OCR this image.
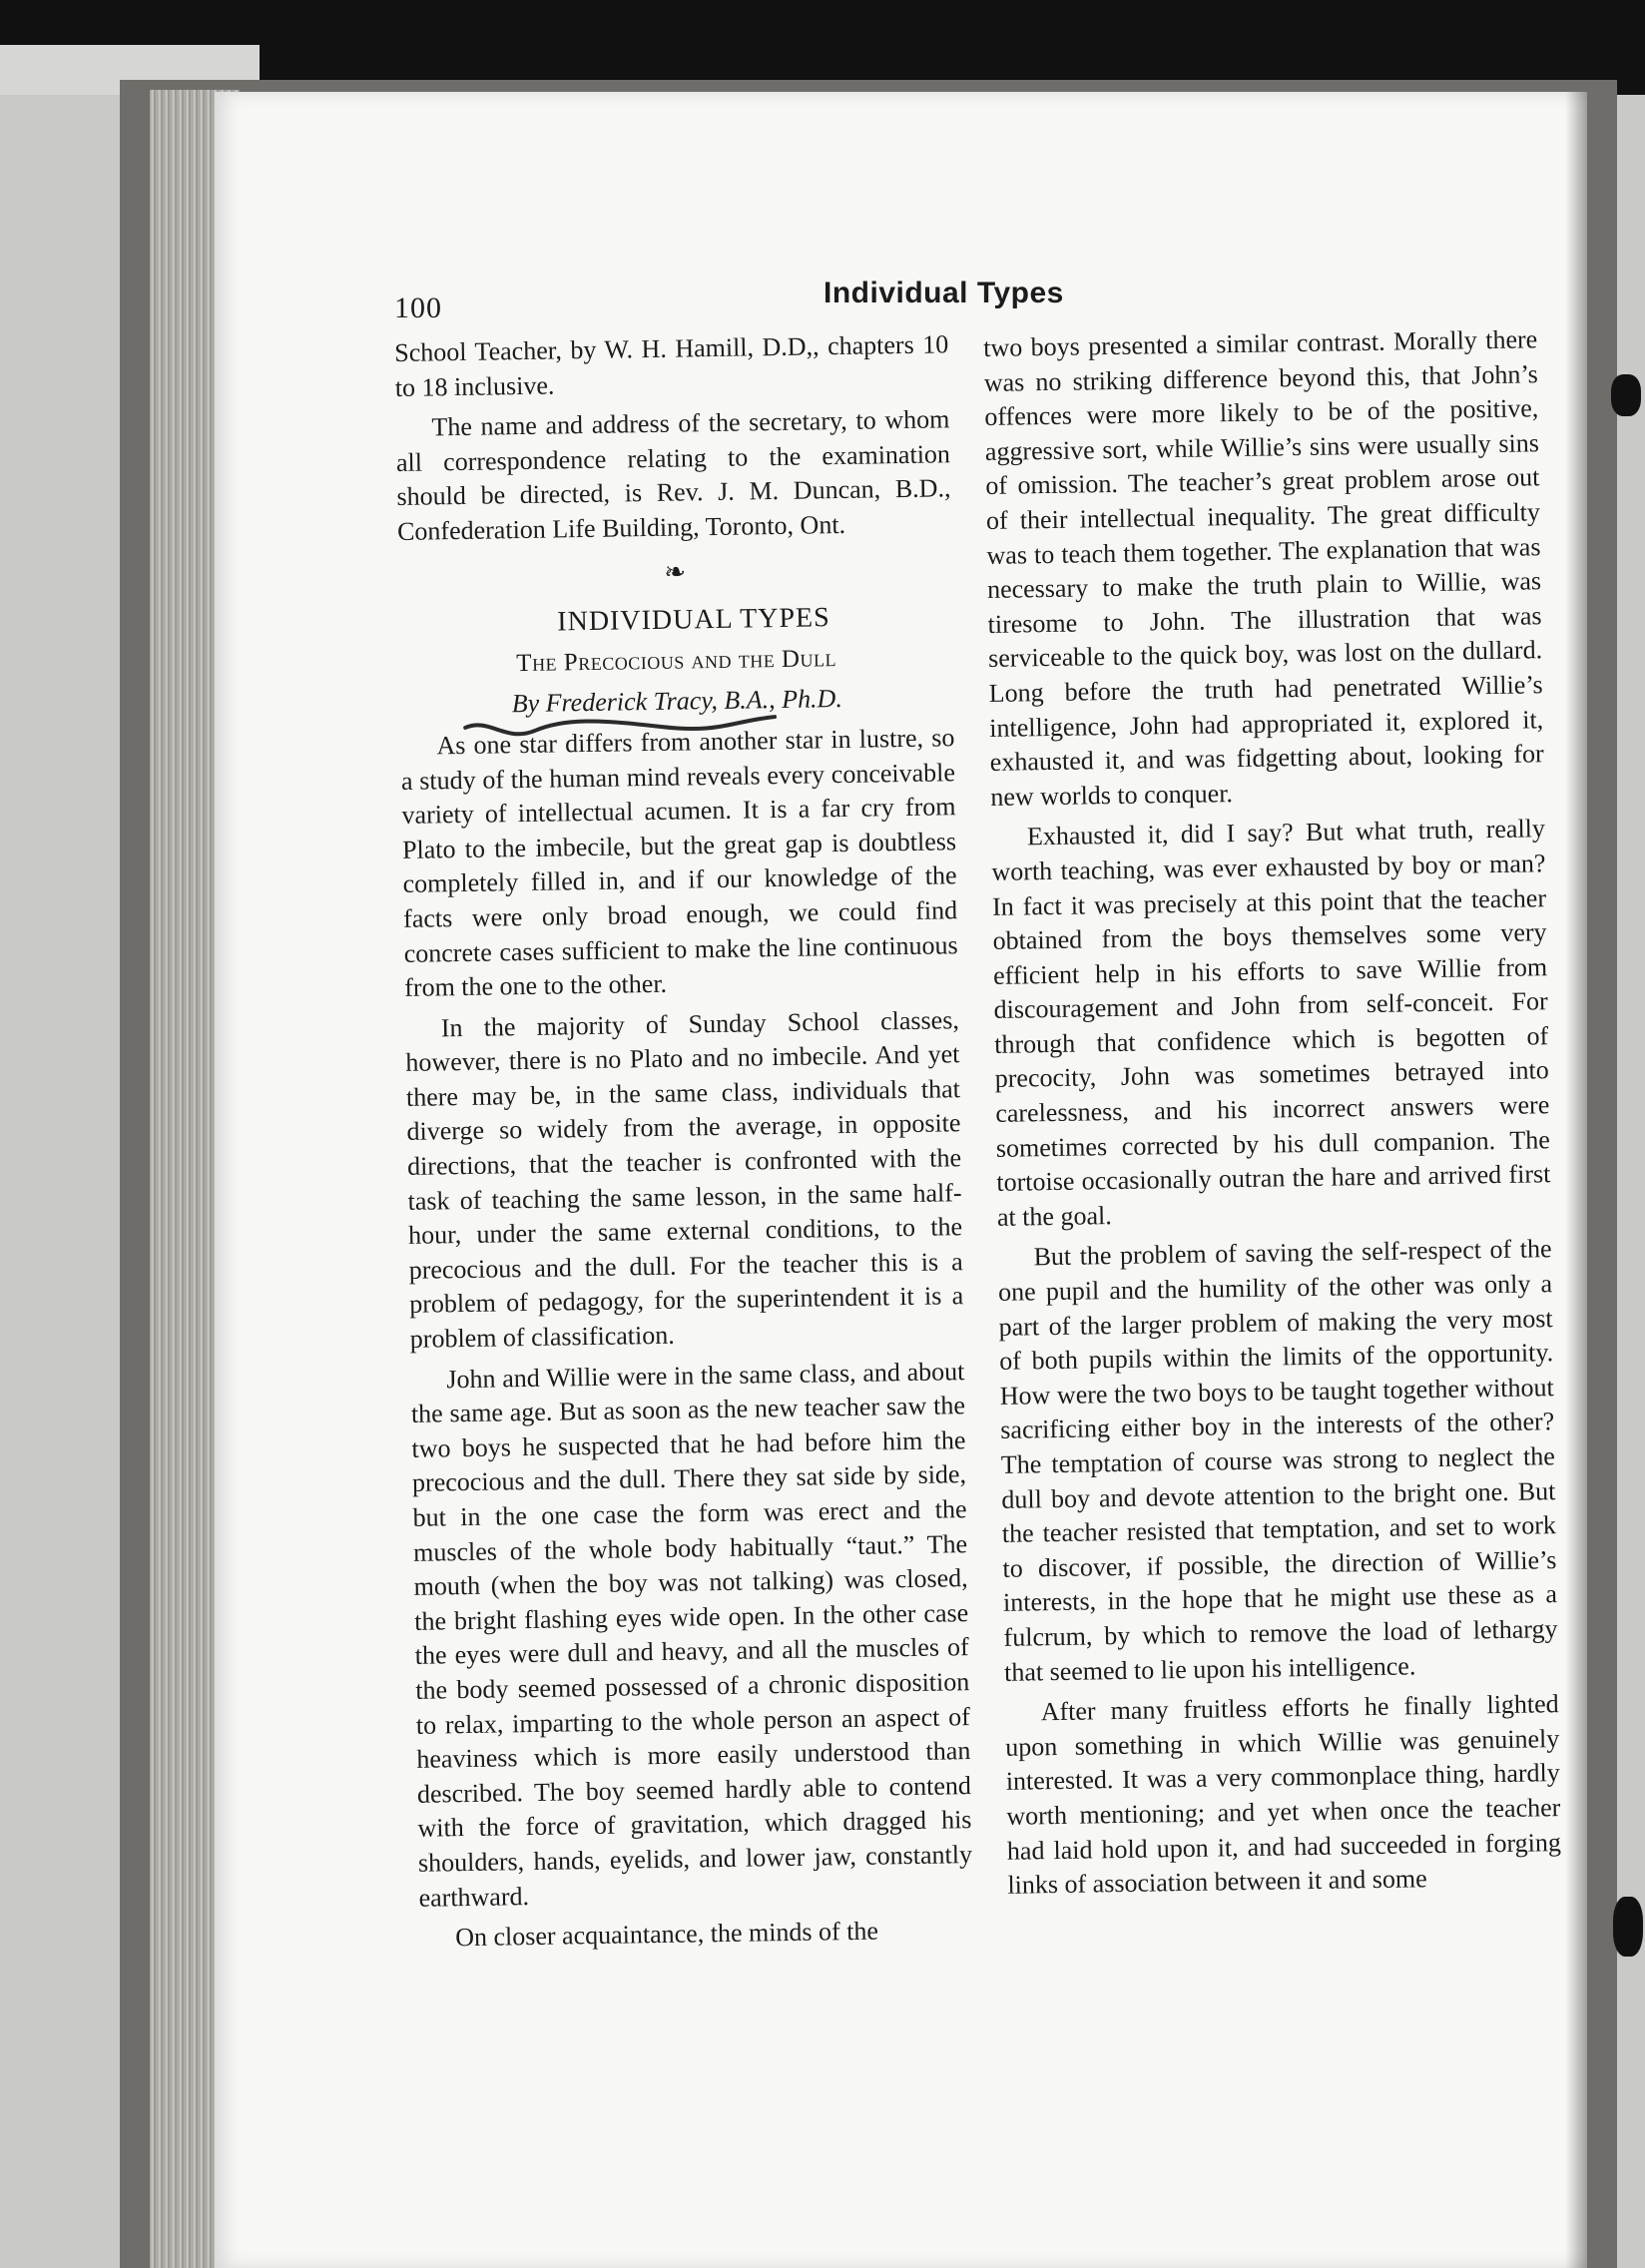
100	Individual Types

School Teacher, by W. H. Hamill, D.D,, chapters 10 to 18 inclusive.

The name and address of the secretary, to whom all correspondence relating to the examination should be directed, is Rev. J. M. Duncan, B.D., Confederation Life Building, Toronto, Ont.

❧

INDIVIDUAL TYPES

The Precocious and the Dull
By Frederick Tracy, B.A., Ph.D.

As one star differs from another star in lustre, so a study of the human mind reveals every conceivable variety of intellectual acumen. It is a far cry from Plato to the imbecile, but the great gap is doubtless completely filled in, and if our knowledge of the facts were only broad enough, we could find concrete cases sufficient to make the line continuous from the one to the other.

In the majority of Sunday School classes, however, there is no Plato and no imbecile. And yet there may be, in the same class, individuals that diverge so widely from the average, in opposite directions, that the teacher is confronted with the task of teaching the same lesson, in the same half-hour, under the same external conditions, to the precocious and the dull. For the teacher this is a problem of pedagogy, for the superintendent it is a problem of classification.

John and Willie were in the same class, and about the same age. But as soon as the new teacher saw the two boys he suspected that he had before him the precocious and the dull. There they sat side by side, but in the one case the form was erect and the muscles of the whole body habitually “taut.” The mouth (when the boy was not talking) was closed, the bright flashing eyes wide open. In the other case the eyes were dull and heavy, and all the muscles of the body seemed possessed of a chronic disposition to relax, imparting to the whole person an aspect of heaviness which is more easily understood than described. The boy seemed hardly able to contend with the force of gravitation, which dragged his shoulders, hands, eyelids, and lower jaw, constantly earthward.

On closer acquaintance, the minds of the

two boys presented a similar contrast. Morally there was no striking difference beyond this, that John’s offences were more likely to be of the positive, aggressive sort, while Willie’s sins were usually sins of omission. The teacher’s great problem arose out of their intellectual inequality. The great difficulty was to teach them together. The explanation that was necessary to make the truth plain to Willie, was tiresome to John. The illustration that was serviceable to the quick boy, was lost on the dullard. Long before the truth had penetrated Willie’s intelligence, John had appropriated it, explored it, exhausted it, and was fidgetting about, looking for new worlds to conquer.

Exhausted it, did I say? But what truth, really worth teaching, was ever exhausted by boy or man? In fact it was precisely at this point that the teacher obtained from the boys themselves some very efficient help in his efforts to save Willie from discouragement and John from self-conceit. For through that confidence which is begotten of precocity, John was sometimes betrayed into carelessness, and his incorrect answers were sometimes corrected by his dull companion. The tortoise occasionally outran the hare and arrived first at the goal.

But the problem of saving the self-respect of the one pupil and the humility of the other was only a part of the larger problem of making the very most of both pupils within the limits of the opportunity. How were the two boys to be taught together without sacrificing either boy in the interests of the other? The temptation of course was strong to neglect the dull boy and devote attention to the bright one. But the teacher resisted that temptation, and set to work to discover, if possible, the direction of Willie’s interests, in the hope that he might use these as a fulcrum, by which to remove the load of lethargy that seemed to lie upon his intelligence.

After many fruitless efforts he finally lighted upon something in which Willie was genuinely interested. It was a very commonplace thing, hardly worth mentioning; and yet when once the teacher had laid hold upon it, and had succeeded in forging links of association between it and some
